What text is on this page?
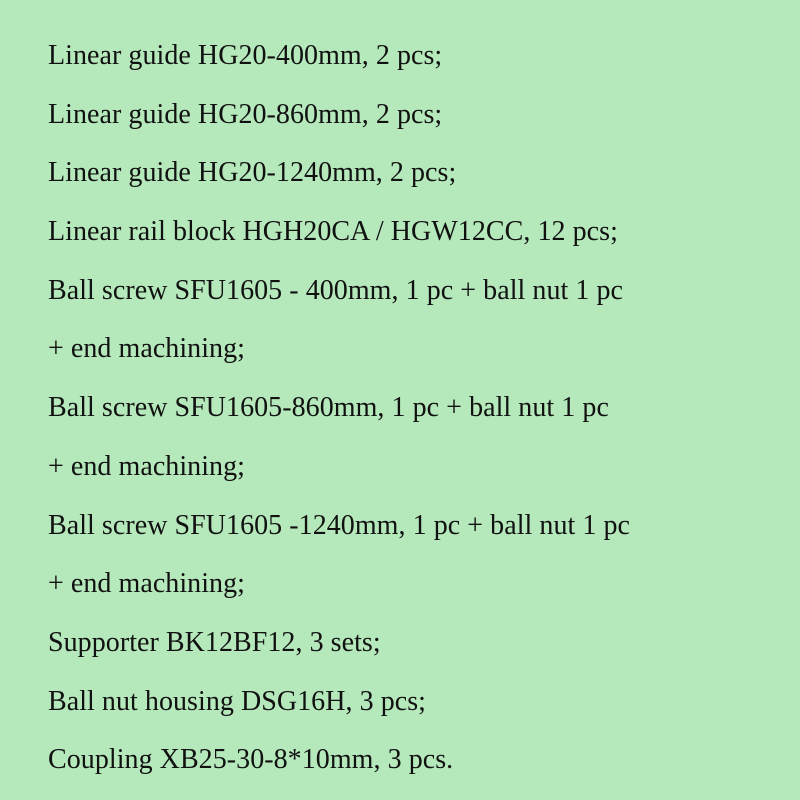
Linear guide HG20-400mm, 2 pcs;
Linear guide HG20-860mm, 2 pcs;
Linear guide HG20-1240mm, 2 pcs;
Linear rail block HGH20CA / HGW12CC, 12 pcs;
Ball screw SFU1605 - 400mm, 1 pc + ball nut 1 pc
+ end machining;
Ball screw SFU1605-860mm, 1 pc + ball nut 1 pc
+ end machining;
Ball screw SFU1605 -1240mm, 1 pc + ball nut 1 pc
+ end machining;
Supporter BK12BF12, 3 sets;
Ball nut housing DSG16H, 3 pcs;
Coupling XB25-30-8*10mm, 3 pcs.
